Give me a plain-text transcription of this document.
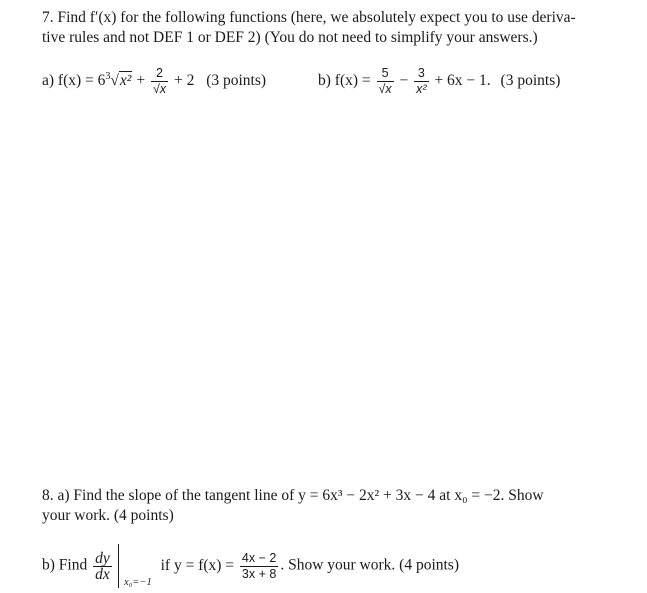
7. Find f′(x) for the following functions (here, we absolutely expect you to use deriva-
tive rules and not DEF 1 or DEF 2) (You do not need to simplify your answers.)
a) $f(x) = 6^3√x^2 + \frac{2}{√x} + 2$ (3 points)	b) $f(x) = \frac{5}{√x} - \frac{3}{\text{x²}} + 6x - 1$. (3 points)
8. a) Find the slope of the tangent line of y = 6x³ − 2x² + 3x − 4 at x₀ = −2. Show
your work. (4 points)
b) Find $\frac{dy}{dx}$	if $y = f(x) = \frac{4x - 2}{3x + 8}$ . Show your work. (4 points)
x₀=−1
